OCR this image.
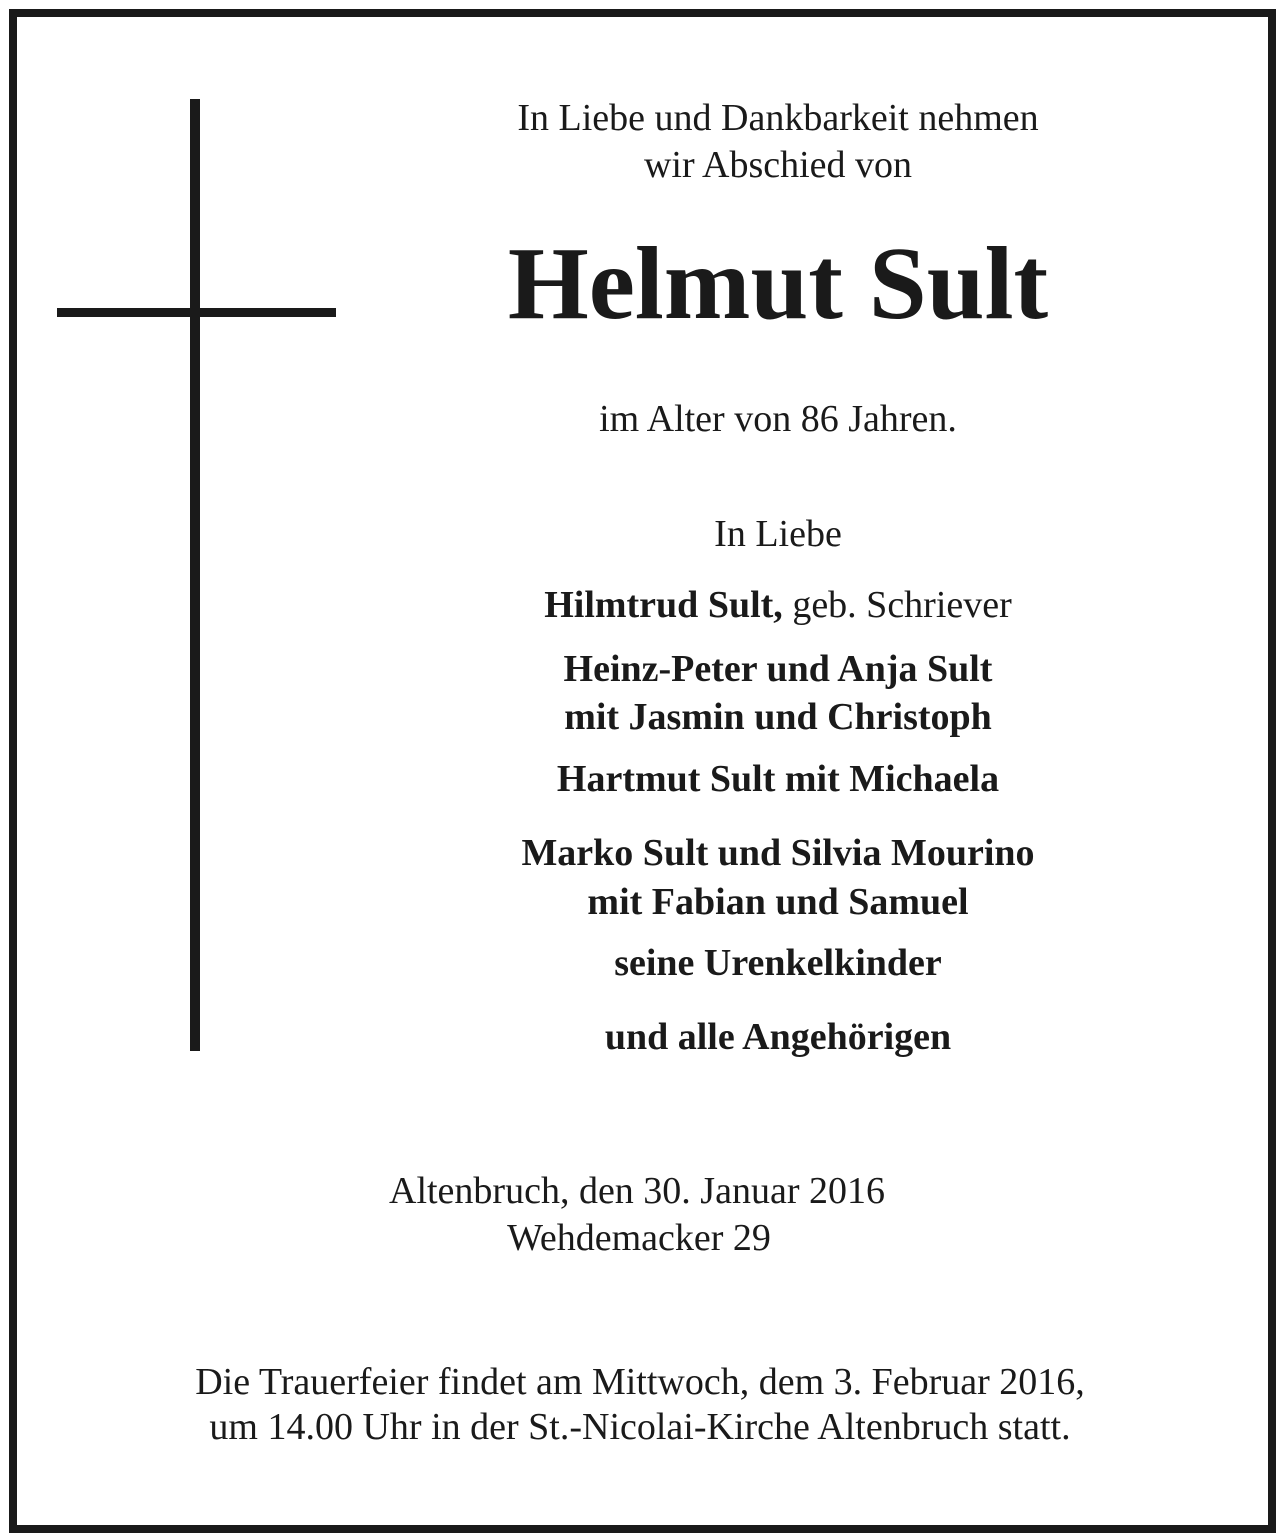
In Liebe und Dankbarkeit nehmen
wir Abschied von
Helmut Sult
im Alter von 86 Jahren.
In Liebe
Hilmtrud Sult, geb. Schriever
Heinz-Peter und Anja Sult
mit Jasmin und Christoph
Hartmut Sult mit Michaela
Marko Sult und Silvia Mourino
mit Fabian und Samuel
seine Urenkelkinder
und alle Angehörigen
Altenbruch, den 30. Januar 2016
Wehdemacker 29
Die Trauerfeier findet am Mittwoch, dem 3. Februar 2016,
um 14.00 Uhr in der St.-Nicolai-Kirche Altenbruch statt.
